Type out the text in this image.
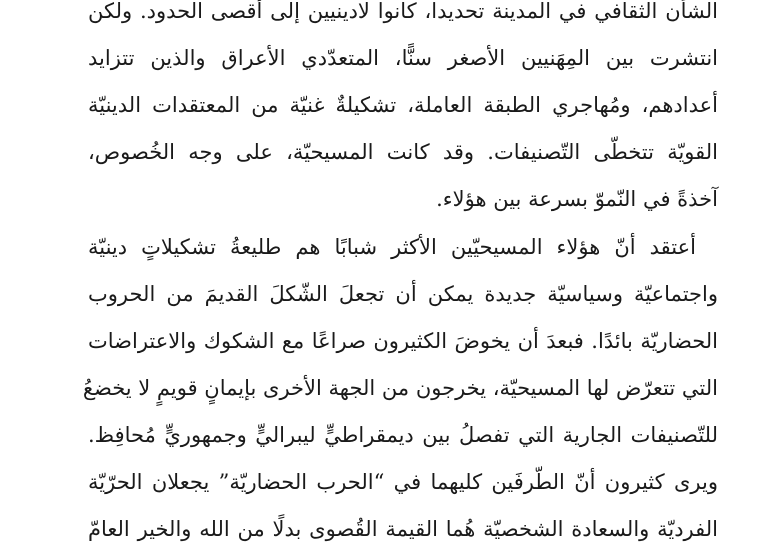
الشأن الثقافي في المدينة تحديدا، كانوا لادينيين إلى أقصى الحدود. ولكن
انتشرت بين المِهَنيين الأصغر سنًّا، المتعدّدي الأعراق والذين تتزايد
أعدادهم، ومُهاجري الطبقة العاملة، تشكيلةٌ غنيّة من المعتقدات الدينيّة
القويّة تتخطّى التّصنيفات. وقد كانت المسيحيّة، على وجه الخُصوص،
آخذةً في النّموّ بسرعة بين هؤلاء.
أعتقد أنّ هؤلاء المسيحيّين الأكثر شبابًا هم طليعةُ تشكيلاتٍ دينيّة
واجتماعيّة وسياسيّة جديدة يمكن أن تجعلَ الشّكلَ القديمَ من الحروب
الحضاريّة بائدًا. فبعدَ أن يخوضَ الكثيرون صراعًا مع الشكوك والاعتراضات
التي تتعرّض لها المسيحيّة، يخرجون من الجهة الأخرى بإيمانٍ قويمٍ لا يخضعُ
للتّصنيفات الجارية التي تفصلُ بين ديمقراطيٍّ ليبراليٍّ وجمهوريٍّ مُحافِظ.
ويرى كثيرون أنّ الطّرفَين كليهما في “الحرب الحضاريّة” يجعلان الحرّيّة
الفرديّة والسعادة الشخصيّة هُما القيمة القُصوى بدلًا من الله والخير العامّ
